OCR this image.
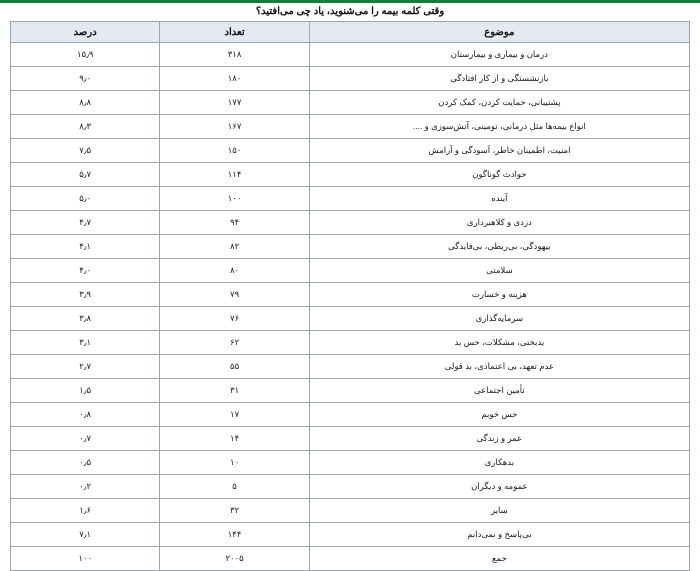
وقتی کلمه بیمه را می‌شنوید، یاد چی می‌افتید؟
موضوع	تعداد	درصد
درمان و بیماری و بیمارستان	۳۱۸	۱۵٫۹
بازنشستگی و از کار افتادگی	۱۸۰	۹٫۰
پشتیبانی، حمایت کردن، کمک کردن	۱۷۷	۸٫۸
انواع بیمه‌ها مثل درمانی، تومینی، آتش‌سوزی و ....	۱۶۷	۸٫۳
امنیت، اطمینان خاطر، آسودگی و آرامش	۱۵۰	۷٫۵
حوادث گوناگون	۱۱۴	۵٫۷
آینده	۱۰۰	۵٫۰
دزدی و کلاهبرداری	۹۴	۴٫۷
بیهودگی، بی‌ربطی، بی‌فایدگی	۸۲	۴٫۱
سلامتی	۸۰	۴٫۰
هزینه و خسارت	۷۹	۳٫۹
سرمایه‌گذاری	۷۶	۳٫۸
بدبختی، مشکلات، حس بد	۶۲	۳٫۱
عدم تعهد، بی اعتمادی، بد قولی	۵۵	۲٫۷
تأمین اجتماعی	۳۱	۱٫۵
حس خوبم	۱۷	۰٫۸
عمر و زندگی	۱۴	۰٫۷
بدهکاری	۱۰	۰٫۵
عمومه و دیگران	۵	۰٫۲
سایر	۳۲	۱٫۶
بی‌پاسخ و نمی‌دانم	۱۴۴	۷٫۱
جمع	۲۰۰۵	۱۰۰
